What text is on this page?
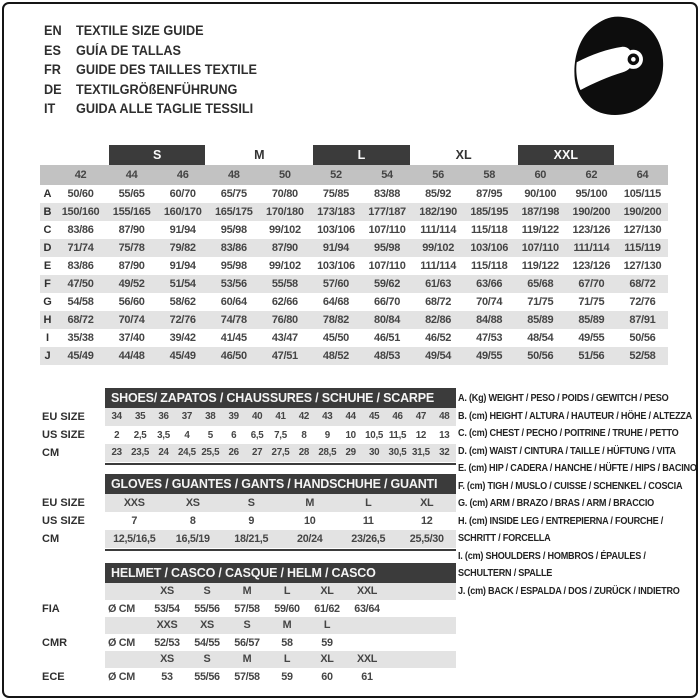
EN	TEXTILE SIZE GUIDE
ES	GUÍA DE TALLAS
FR	GUIDE DES TAILLES TEXTILE
DE	TEXTILGRÖßENFÜHRUNG
IT	GUIDA ALLE TAGLIE TESSILI
S	M	L	XL	XXL
42	44	46	48	50	52	54	56	58	60	62	64
A	50/60	55/65	60/70	65/75	70/80	75/85	83/88	85/92	87/95	90/100	95/100	105/115
B 150/160	155/165	160/170	165/175	170/180	173/183	177/187	182/190	185/195	187/198	190/200	190/200
C	83/86	87/90	91/94	95/98	99/102	103/106	107/110	111/114	115/118	119/122	123/126	127/130
D	71/74	75/78	79/82	83/86	87/90	91/94	95/98	99/102	103/106	107/110	111/114	115/119
E	83/86	87/90	91/94	95/98	99/102	103/106	107/110	111/114	115/118	119/122	123/126	127/130
F	47/50	49/52	51/54	53/56	55/58	57/60	59/62	61/63	63/66	65/68	67/70	68/72
G	54/58	56/60	58/62	60/64	62/66	64/68	66/70	68/72	70/74	71/75	71/75	72/76
H	68/72	70/74	72/76	74/78	76/80	78/82	80/84	82/86	84/88	85/89	85/89	87/91
I	35/38	37/40	39/42	41/45	43/47	45/50	46/51	46/52	47/53	48/54	49/55	50/56
J	45/49	44/48	45/49	46/50	47/51	48/52	48/53	49/54	49/55	50/56	51/56	52/58
SHOES/ ZAPATOS / CHAUSSURES / SCHUHE / SCARPE
EU SIZE	34	35	36	37	38	39	40	41	42	43	44	45	46	47	48
US SIZE	2	2,5	3,5	4	5	6	6,5	7,5	8	9	10 10,5 11,5 12	13
CM	23 23,5 24 24,5 25,5 26	27 27,5 28 28,5 29	30 30,5 31,5 32
GLOVES / GUANTES / GANTS / HANDSCHUHE / GUANTI
EU SIZE	XXS	XS	S	M	L	XL
US SIZE	7	8	9	10	11	12
CM	12,5/16,5	16,5/19	18/21,5	20/24	23/26,5	25,5/30
HELMET / CASCO / CASQUE / HELM / CASCO
XS	S	M	L	XL	XXL
FIA	Ø CM	53/54	55/56	57/58	59/60	61/62	63/64
XXS	XS	S	M	L
CMR	Ø CM	52/53	54/55	56/57	58	59
XS	S	M	L	XL	XXL
ECE	Ø CM	53	55/56	57/58	59	60	61
A. (Kg) WEIGHT / PESO / POIDS / GEWITCH / PESO
B. (cm) HEIGHT / ALTURA / HAUTEUR / HÖHE / ALTEZZA
C. (cm) CHEST / PECHO / POITRINE / TRUHE / PETTO
D. (cm) WAIST / CINTURA / TAILLE / HÜFTUNG / VITA
E. (cm) HIP / CADERA / HANCHE / HÜFTE / HIPS / BACINO
F. (cm) TIGH / MUSLO / CUISSE / SCHENKEL / COSCIA
G. (cm) ARM / BRAZO / BRAS / ARM / BRACCIO
H. (cm) INSIDE LEG / ENTREPIERNA / FOURCHE /
SCHRITT / FORCELLA
I. (cm) SHOULDERS / HOMBROS / ÉPAULES /
SCHULTERN / SPALLE
J. (cm) BACK / ESPALDA / DOS / ZURÜCK / INDIETRO
